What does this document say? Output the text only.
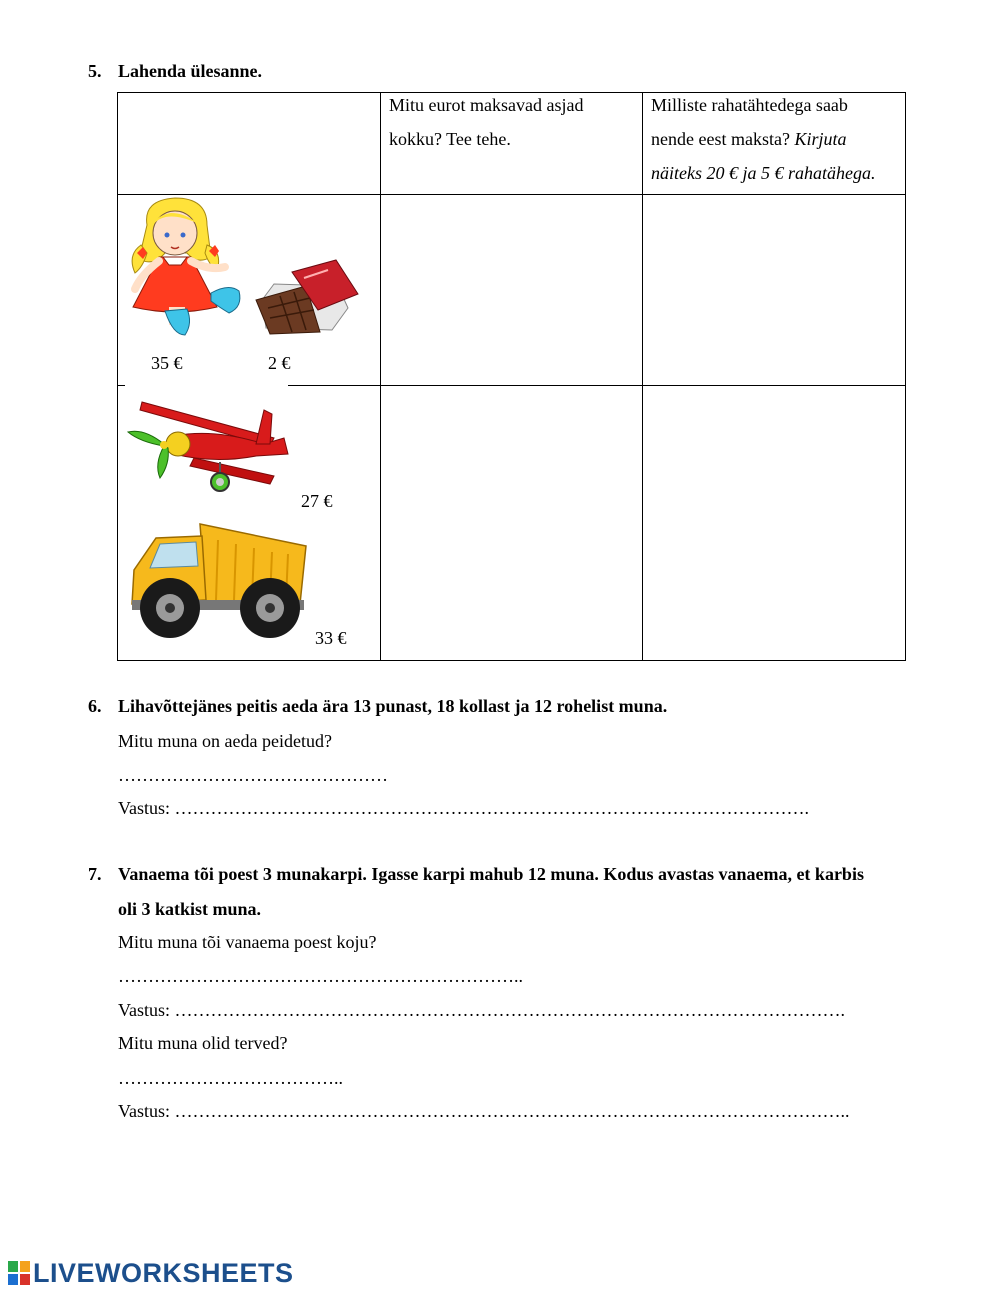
5. Lahenda ülesanne.
Mitu eurot maksavad asjad
kokku? Tee tehe.
Milliste rahatähtedega saab
nende eest maksta? Kirjuta
näiteks 20 € ja 5 € rahatähega.
35 €	2 €
27 €
33 €
6. Lihavõttejänes peitis aeda ära 13 punast, 18 kollast ja 12 rohelist muna.
Mitu muna on aeda peidetud?
………………………………………
Vastus: …………………………………………………………………………………………….
7. Vanaema tõi poest 3 munakarpi. Igasse karpi mahub 12 muna. Kodus avastas vanaema, et karbis
oli 3 katkist muna.
Mitu muna tõi vanaema poest koju?
…………………………………………………………..
Vastus: ………………………………………………………………………………………………….
Mitu muna olid terved?
………………………………..
Vastus: …………………………………………………………………………………………………..
LIVEWORKSHEETS
